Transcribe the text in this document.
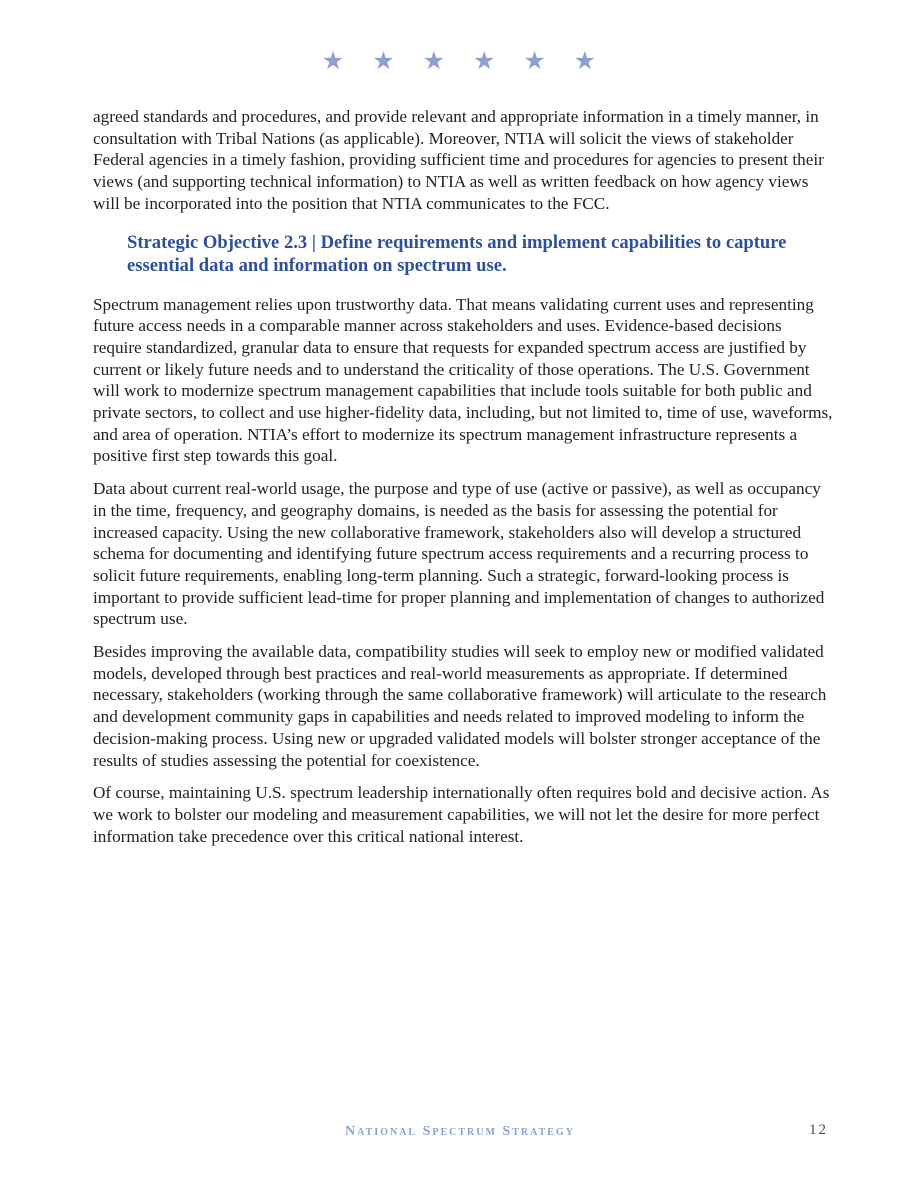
★ ★ ★ ★ ★ ★

agreed standards and procedures, and provide relevant and appropriate information in a timely manner, in consultation with Tribal Nations (as applicable). Moreover, NTIA will solicit the views of stakeholder Federal agencies in a timely fashion, providing sufficient time and procedures for agencies to present their views (and supporting technical information) to NTIA as well as written feedback on how agency views will be incorporated into the position that NTIA communicates to the FCC.

Strategic Objective 2.3 | Define requirements and implement capabilities to capture essential data and information on spectrum use.

Spectrum management relies upon trustworthy data. That means validating current uses and representing future access needs in a comparable manner across stakeholders and uses. Evidence-based decisions require standardized, granular data to ensure that requests for expanded spectrum access are justified by current or likely future needs and to understand the criticality of those operations. The U.S. Government will work to modernize spectrum management capabilities that include tools suitable for both public and private sectors, to collect and use higher-fidelity data, including, but not limited to, time of use, waveforms, and area of operation. NTIA’s effort to modernize its spectrum management infrastructure represents a positive first step towards this goal.

Data about current real-world usage, the purpose and type of use (active or passive), as well as occupancy in the time, frequency, and geography domains, is needed as the basis for assessing the potential for increased capacity. Using the new collaborative framework, stakeholders also will develop a structured schema for documenting and identifying future spectrum access requirements and a recurring process to solicit future requirements, enabling long-term planning. Such a strategic, forward-looking process is important to provide sufficient lead-time for proper planning and implementation of changes to authorized spectrum use.

Besides improving the available data, compatibility studies will seek to employ new or modified validated models, developed through best practices and real-world measurements as appropriate. If determined necessary, stakeholders (working through the same collaborative framework) will articulate to the research and development community gaps in capabilities and needs related to improved modeling to inform the decision-making process. Using new or upgraded validated models will bolster stronger acceptance of the results of studies assessing the potential for coexistence.

Of course, maintaining U.S. spectrum leadership internationally often requires bold and decisive action. As we work to bolster our modeling and measurement capabilities, we will not let the desire for more perfect information take precedence over this critical national interest.

National Spectrum Strategy	12
